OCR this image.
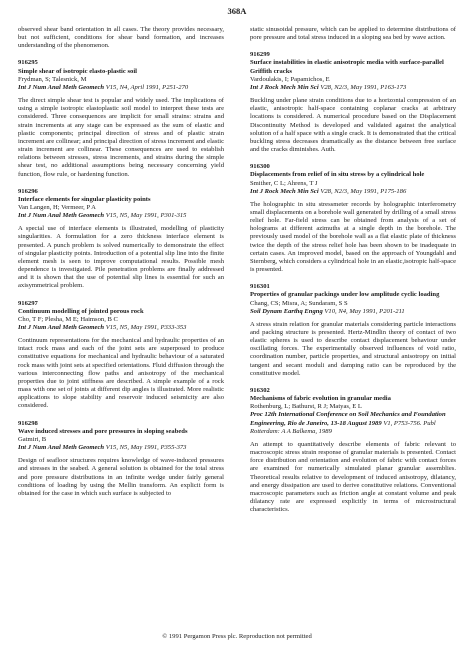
368A

observed shear band orientation in all cases. The theory provides necessary, but not sufficient, conditions for shear band formation, and increases understanding of the phenomenon.

916295

Simple shear of isotropic elasto-plastic soil

Frydman, S; Talesnick, M

Int J Num Anal Meth Geomech V15, N4, April 1991, P251-270

The direct simple shear test is popular and widely used. The implications of using a simple isotropic elastoplastic soil model to interpret these tests are considered. Three consequences are implicit for small strains: strains and strain increments at any stage can be expressed as the sum of elastic and plastic components; principal direction of stress and of plastic strain increment are collinear; and principal direction of stress increment and elastic strain increment are collinear. These consequences are used to establish relations between stresses, stress increments, and strains during the simple shear test, no additional assumptions being necessary concerning yield function, flow rule, or hardening function.

916296

Interface elements for singular plasticity points

Van Langen, H; Vermeer, P A

Int J Num Anal Meth Geomech V15, N5, May 1991, P301-315

A special use of interface elements is illustrated, modelling of plasticity singularities. A formulation for a zero thickness interface element is presented. A punch problem is solved numerically to demonstrate the effect of singular plasticity points. Introduction of a potential slip line into the finite element mesh is seen to improve computational results. Possible mesh dependence is investigated. Pile penetration problems are finally addressed and it is shown that the use of potential slip lines is essential for such an axisymmetrical problem.

916297

Continuum modelling of jointed porous rock

Cho, T F; Plesha, M E; Haimson, B C

Int J Num Anal Meth Geomech V15, N5, May 1991, P333-353

Continuum representations for the mechanical and hydraulic properties of an intact rock mass and each of the joint sets are superposed to produce constitutive equations for mechanical and hydraulic behaviour of a saturated rock mass with joint sets at specified orientations. Fluid diffusion through the various interconnecting flow paths and anisotropy of the mechanical properties due to joint stiffness are described. A simple example of a rock mass with one set of joints at different dip angles is illustrated. More realistic applications to slope stability and reservoir induced seismicity are also considered.

916298

Wave induced stresses and pore pressures in sloping seabeds

Gatmiri, B

Int J Num Anal Meth Geomech V15, N5, May 1991, P355-373

Design of seafloor structures requires knowledge of wave-induced pressures and stresses in the seabed. A general solution is obtained for the total stress and pore pressure distributions in an infinite wedge under fairly general conditions of loading by using the Mellin transform. An explicit form is obtained for the case in which such surface is subjected to

static sinusoidal pressure, which can be applied to determine distributions of pore pressure and total stress induced in a sloping sea bed by wave action.

916299

Surface instabilities in elastic anisotropic media with surface-parallel Griffith cracks

Vardoulakis, I; Papamichos, E

Int J Rock Mech Min Sci V28, N2/3, May 1991, P163-173

Buckling under plane strain conditions due to a horizontal compression of an elastic, anisotropic half-space containing coplanar cracks at arbitrary locations is considered. A numerical procedure based on the Displacement Discontinuity Method is developed and validated against the analytical solution of a half space with a single crack. It is demonstrated that the critical buckling stress decreases dramatically as the distance between free surface and the cracks diminishes. Auth.

916300

Displacements from relief of in situ stress by a cylindrical hole

Smither, C L; Ahrens, T J

Int J Rock Mech Min Sci V28, N2/3, May 1991, P175-186

The holographic in situ stressmeter records by holographic interferometry small displacements on a borehole wall generated by drilling of a small stress relief hole. Far-field stress can be obtained from analysis of a set of holograms at different azimuths at a single depth in the borehole. The previously used model of the borehole wall as a flat elastic plate of thickness twice the depth of the stress relief hole has been shown to be inadequate in certain cases. An improved model, based on the approach of Youngdahl and Sternberg, which considers a cylindrical hole in an elastic,isotropic half-space is presented.

916301

Properties of granular packings under low amplitude cyclic loading

Chang, CS; Misra, A; Sundaram, S S

Soil Dynam Earthq Engng V10, N4, May 1991, P201-211

A stress strain relation for granular materials considering particle interactions and packing structure is presented. Hertz-Mindlin theory of contact of two elastic spheres is used to describe contact displacement behaviour under oscillating forces. The experimentally observed influences of void ratio, coordination number, particle properties, and structural anisotropy on initial tangent and secant moduli and damping ratio can be reproduced by the constitutive model.

916302

Mechanisms of fabric evolution in granular media

Rothenburg, L; Bathurst, R J; Matyas, E L

Proc 12th International Conference on Soil Mechanics and Foundation Engineering, Rio de Janeiro, 13-18 August 1989 V1, P753-756. Publ Rotterdam: A A Balkema, 1989

An attempt to quantitatively describe elements of fabric relevant to macroscopic stress strain response of granular materials is presented. Contact force distribution and orientation and evolution of fabric with contact forces are examined for numerically simulated planar granular assemblies. Theoretical results relative to development of induced anisotropy, dilatancy, and energy dissipation are used to derive constitutive relations. Conventional macroscopic parameters such as friction angle at constant volume and peak dilatancy rate are expressed explicitly in terms of microstructural characteristics.

© 1991 Pergamon Press plc. Reproduction not permitted
